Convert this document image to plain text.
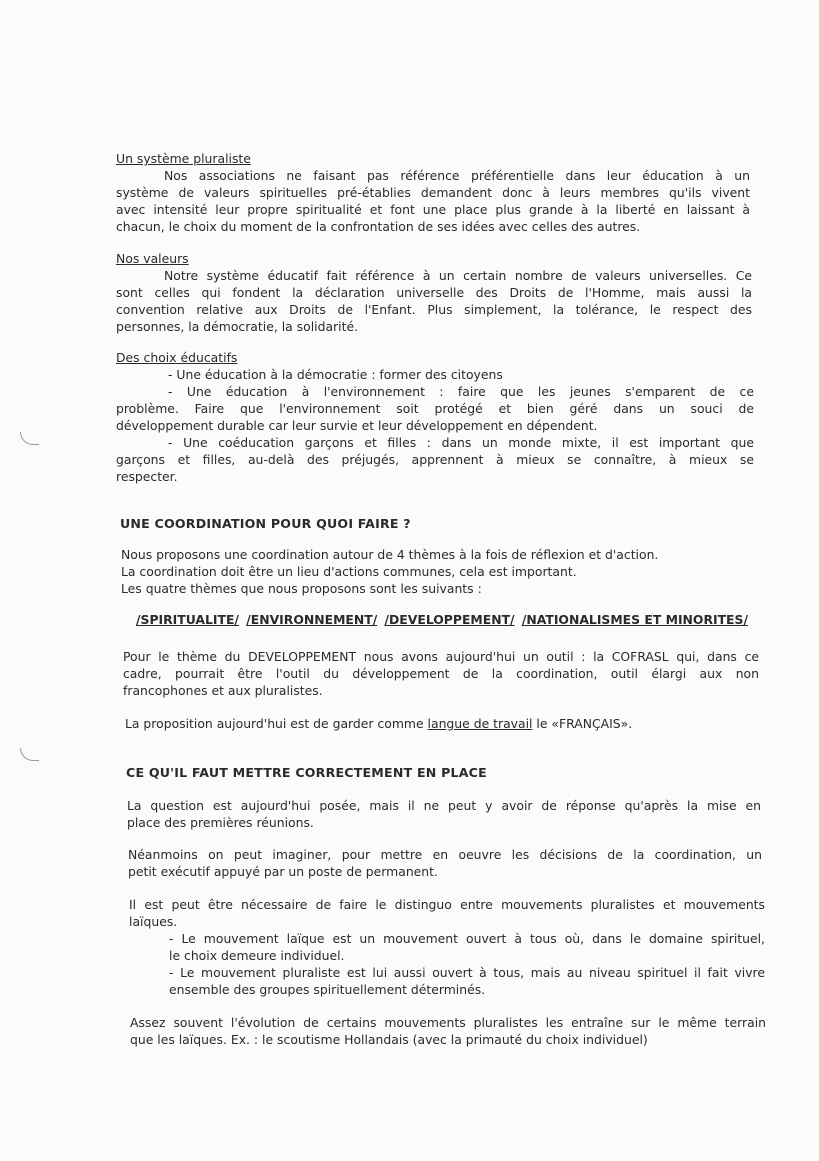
Un système pluraliste

Nos associations ne faisant pas référence préférentielle dans leur éducation à un

système de valeurs spirituelles pré-établies demandent donc à leurs membres qu'ils vivent

avec intensité leur propre spiritualité et font une place plus grande à la liberté en laissant à

chacun, le choix du moment de la confrontation de ses idées avec celles des autres.

Nos valeurs

Notre système éducatif fait référence à un certain nombre de valeurs universelles. Ce

sont celles qui fondent la déclaration universelle des Droits de l'Homme, mais aussi la

convention relative aux Droits de l'Enfant. Plus simplement, la tolérance, le respect des

personnes, la démocratie, la solidarité.

Des choix éducatifs

- Une éducation à la démocratie : former des citoyens

- Une éducation à l'environnement : faire que les jeunes s'emparent de ce

problème. Faire que l'environnement soit protégé et bien géré dans un souci de

développement durable car leur survie et leur développement en dépendent.

- Une coéducation garçons et filles : dans un monde mixte, il est important que

garçons et filles, au-delà des préjugés, apprennent à mieux se connaître, à mieux se

respecter.

UNE COORDINATION POUR QUOI FAIRE ?

Nous proposons une coordination autour de 4 thèmes à la fois de réflexion et d'action.

La coordination doit être un lieu d'actions communes, cela est important.

Les quatre thèmes que nous proposons sont les suivants :

/SPIRITUALITE/ /ENVIRONNEMENT/ /DEVELOPPEMENT/ /NATIONALISMES ET MINORITES/

Pour le thème du DEVELOPPEMENT nous avons aujourd'hui un outil : la COFRASL qui, dans ce

cadre, pourrait être l'outil du développement de la coordination, outil élargi aux non

francophones et aux pluralistes.

La proposition aujourd'hui est de garder comme langue de travail le «FRANÇAIS».

CE QU'IL FAUT METTRE CORRECTEMENT EN PLACE

La question est aujourd'hui posée, mais il ne peut y avoir de réponse qu'après la mise en

place des premières réunions.

Néanmoins on peut imaginer, pour mettre en oeuvre les décisions de la coordination, un

petit exécutif appuyé par un poste de permanent.

Il est peut être nécessaire de faire le distinguo entre mouvements pluralistes et mouvements

laïques.

- Le mouvement laïque est un mouvement ouvert à tous où, dans le domaine spirituel,

le choix demeure individuel.

- Le mouvement pluraliste est lui aussi ouvert à tous, mais au niveau spirituel il fait vivre

ensemble des groupes spirituellement déterminés.

Assez souvent l'évolution de certains mouvements pluralistes les entraîne sur le même terrain

que les laïques. Ex. : le scoutisme Hollandais (avec la primauté du choix individuel)
